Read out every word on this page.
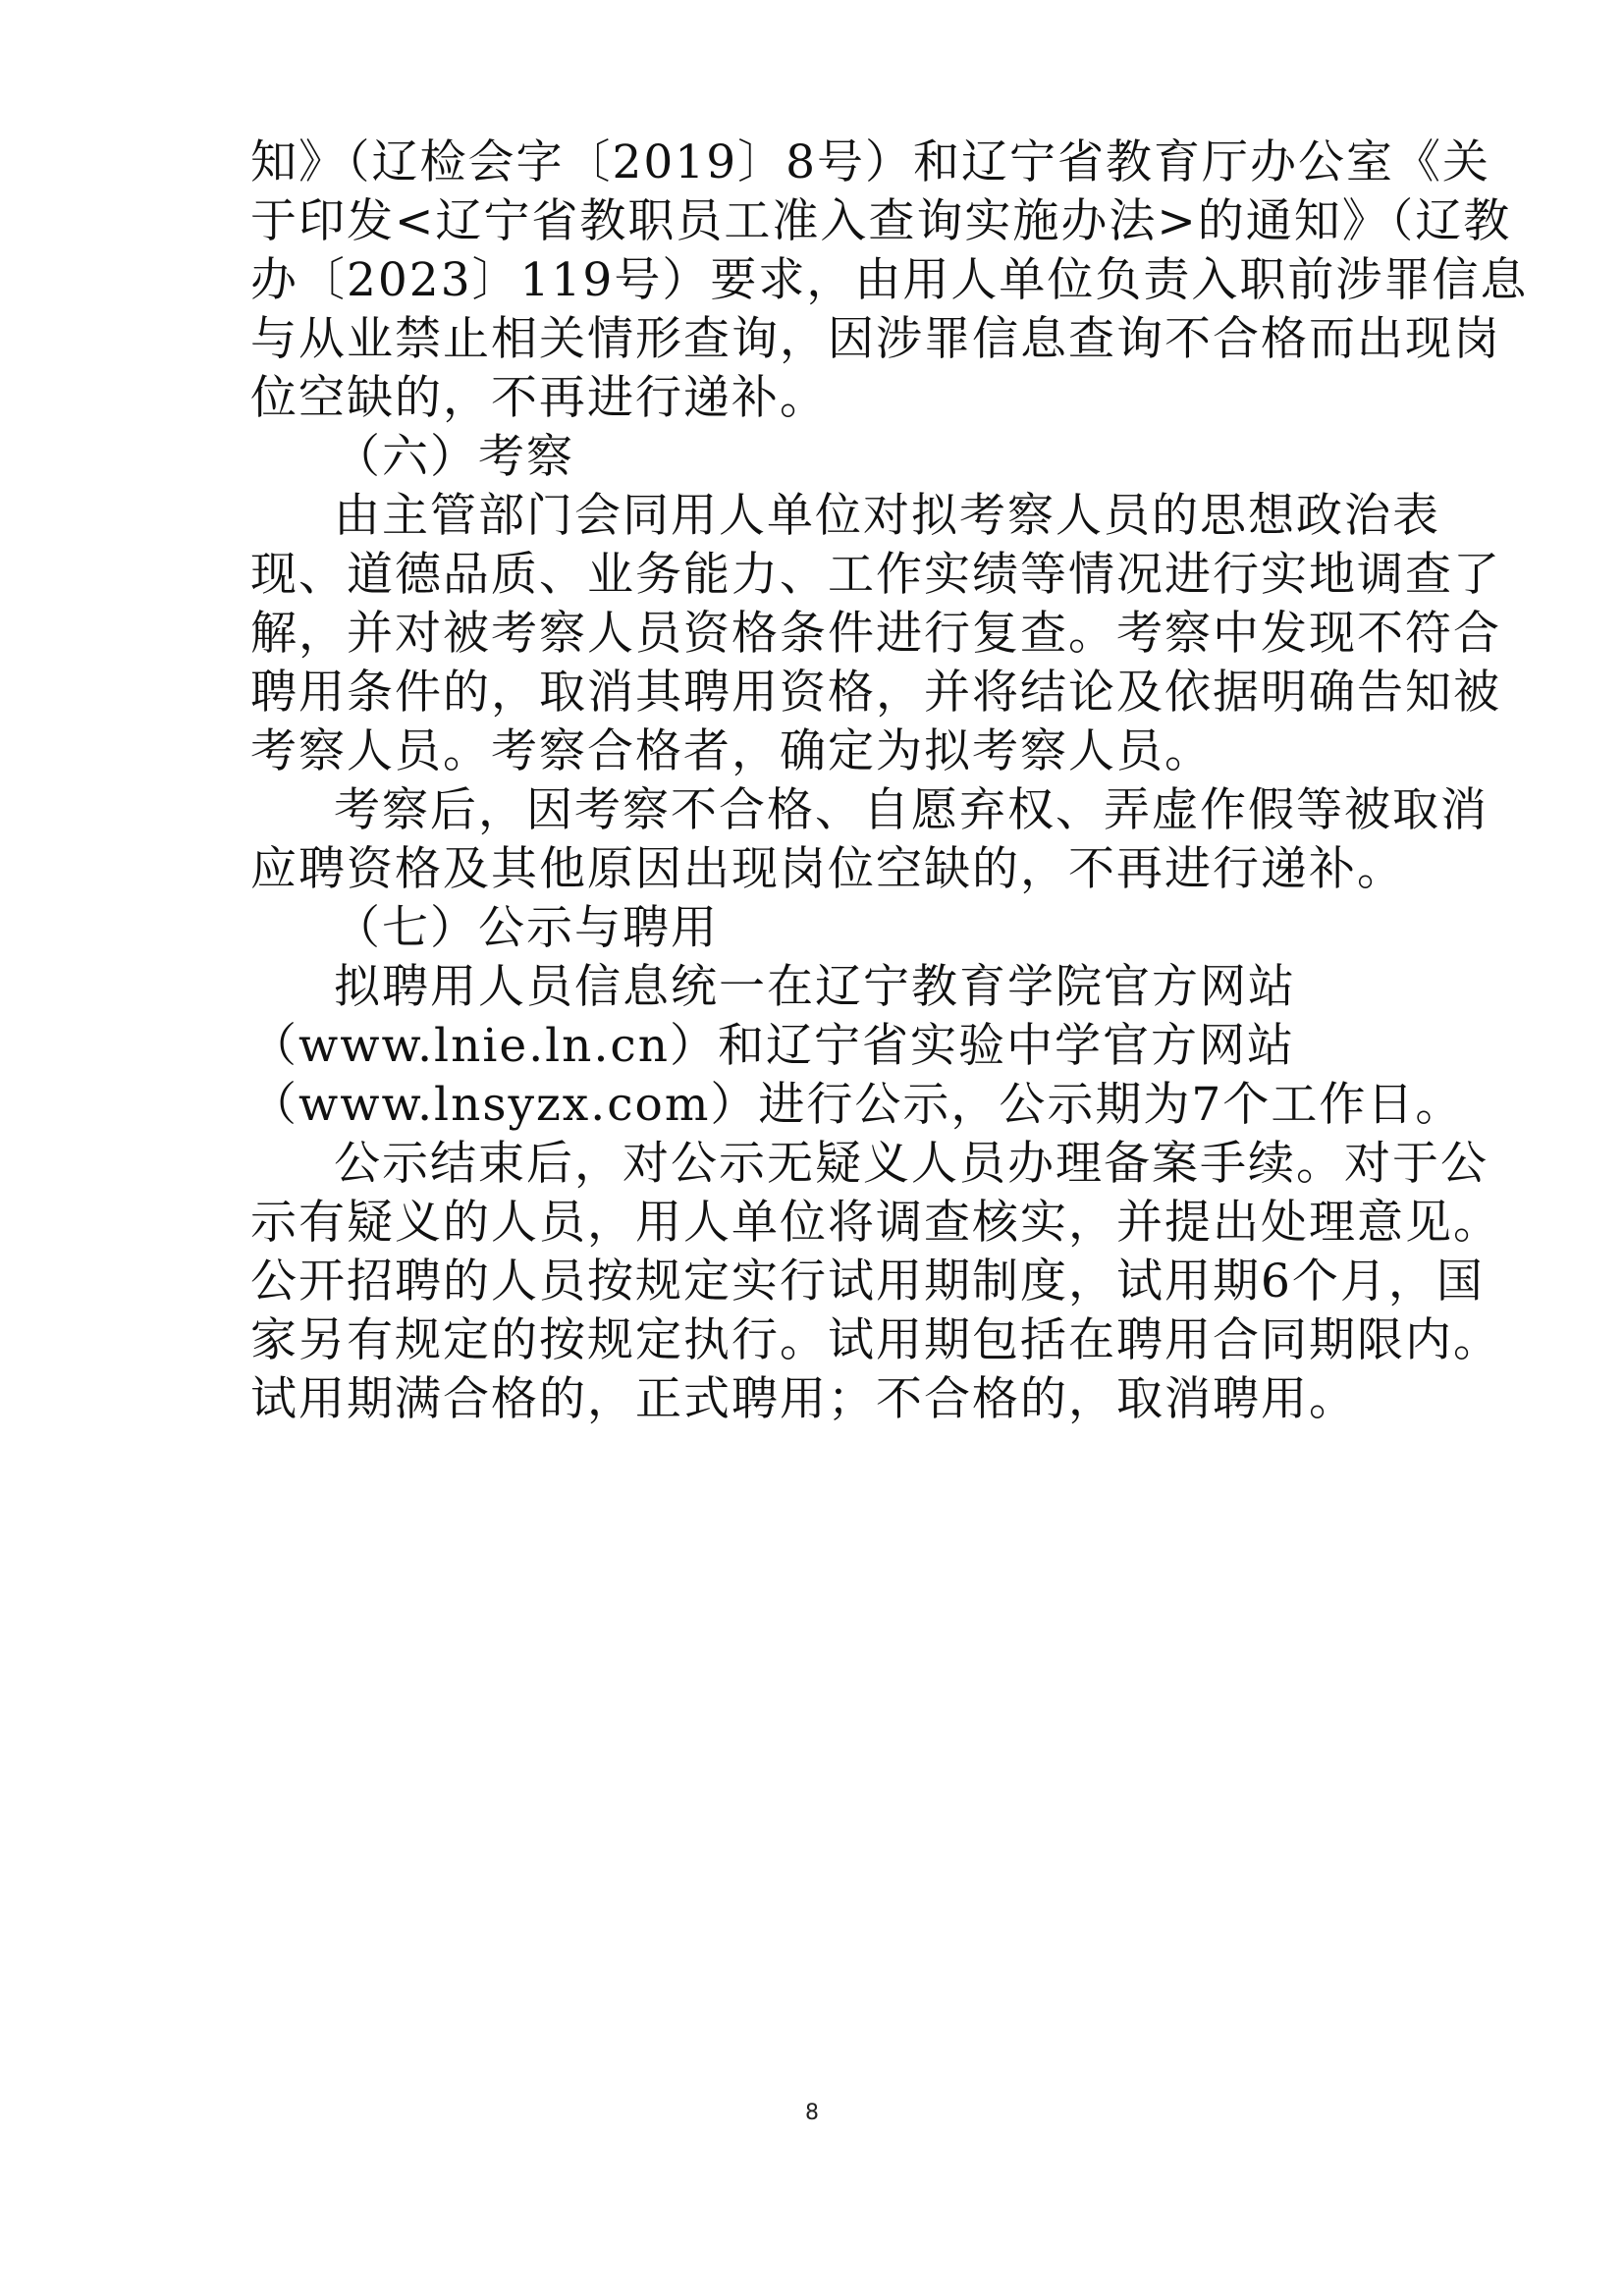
知》（辽检会字〔2019〕8号）和辽宁省教育厅办公室《关
于印发<辽宁省教职员工准入查询实施办法>的通知》（辽教
办〔2023〕119号）要求，由用人单位负责入职前涉罪信息
与从业禁止相关情形查询，因涉罪信息查询不合格而出现岗
位空缺的，不再进行递补。
（六）考察
由主管部门会同用人单位对拟考察人员的思想政治表
现、道德品质、业务能力、工作实绩等情况进行实地调查了
解，并对被考察人员资格条件进行复查。考察中发现不符合
聘用条件的，取消其聘用资格，并将结论及依据明确告知被
考察人员。考察合格者，确定为拟考察人员。
考察后，因考察不合格、自愿弃权、弄虚作假等被取消
应聘资格及其他原因出现岗位空缺的，不再进行递补。
（七）公示与聘用
拟聘用人员信息统一在辽宁教育学院官方网站
（www.lnie.ln.cn）和辽宁省实验中学官方网站
（www.lnsyzx.com）进行公示，公示期为7个工作日。
公示结束后，对公示无疑义人员办理备案手续。对于公
示有疑义的人员，用人单位将调查核实，并提出处理意见。
公开招聘的人员按规定实行试用期制度，试用期6个月，国
家另有规定的按规定执行。试用期包括在聘用合同期限内。
试用期满合格的，正式聘用；不合格的，取消聘用。
8
